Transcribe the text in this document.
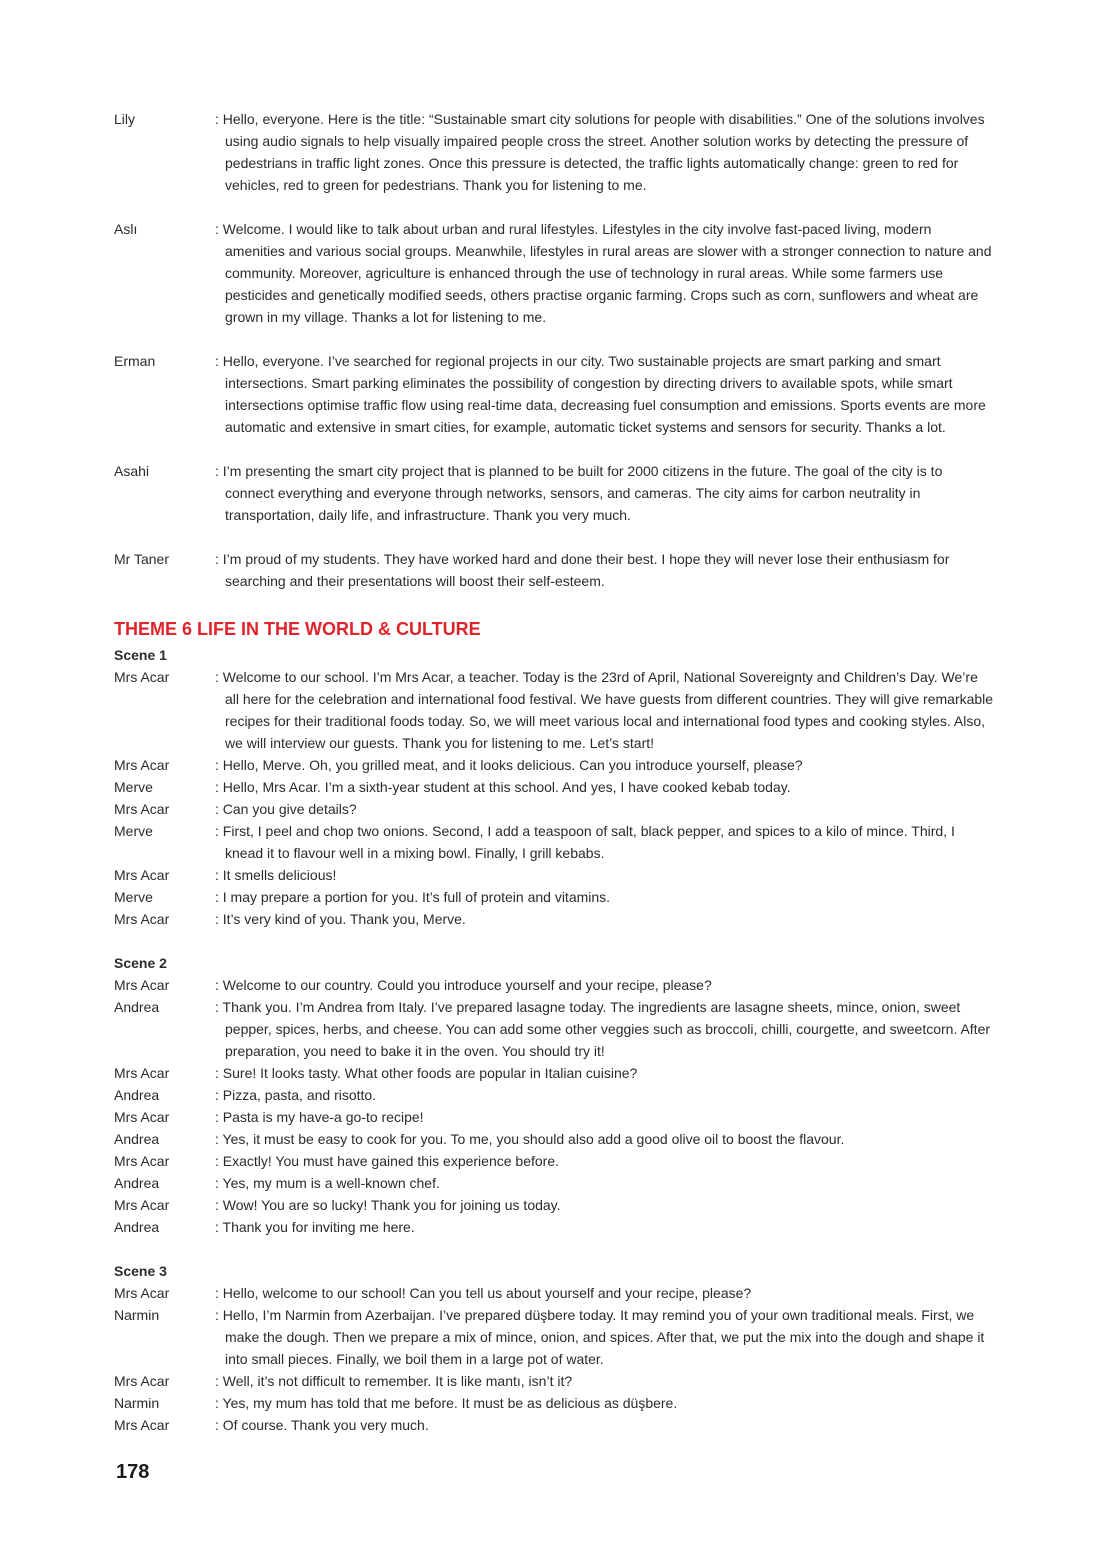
Lily	: Hello, everyone. Here is the title: “Sustainable smart city solutions for people with disabilities.” One of the solutions involves using audio signals to help visually impaired people cross the street. Another solution works by detecting the pressure of pedestrians in traffic light zones. Once this pressure is detected, the traffic lights automatically change: green to red for vehicles, red to green for pedestrians. Thank you for listening to me.
Aslı	: Welcome. I would like to talk about urban and rural lifestyles. Lifestyles in the city involve fast-paced living, modern amenities and various social groups. Meanwhile, lifestyles in rural areas are slower with a stronger connection to nature and community. Moreover, agriculture is enhanced through the use of technology in rural areas. While some farmers use pesticides and genetically modified seeds, others practise organic farming. Crops such as corn, sunflowers and wheat are grown in my village. Thanks a lot for listening to me.
Erman	: Hello, everyone. I’ve searched for regional projects in our city. Two sustainable projects are smart parking and smart intersections. Smart parking eliminates the possibility of congestion by directing drivers to available spots, while smart intersections optimise traffic flow using real-time data, decreasing fuel consumption and emissions. Sports events are more automatic and extensive in smart cities, for example, automatic ticket systems and sensors for security. Thanks a lot.
Asahi	: I’m presenting the smart city project that is planned to be built for 2000 citizens in the future. The goal of the city is to connect everything and everyone through networks, sensors, and cameras. The city aims for carbon neutrality in transportation, daily life, and infrastructure. Thank you very much.
Mr Taner	: I’m proud of my students. They have worked hard and done their best. I hope they will never lose their enthusiasm for searching and their presentations will boost their self-esteem.
THEME 6 LIFE IN THE WORLD & CULTURE
Scene 1
Mrs Acar	: Welcome to our school. I’m Mrs Acar, a teacher. Today is the 23rd of April, National Sovereignty and Children’s Day. We’re all here for the celebration and international food festival. We have guests from different countries. They will give remarkable recipes for their traditional foods today. So, we will meet various local and international food types and cooking styles. Also, we will interview our guests. Thank you for listening to me. Let’s start!
Mrs Acar	: Hello, Merve. Oh, you grilled meat, and it looks delicious. Can you introduce yourself, please?
Merve	: Hello, Mrs Acar. I’m a sixth-year student at this school. And yes, I have cooked kebab today.
Mrs Acar	: Can you give details?
Merve	: First, I peel and chop two onions. Second, I add a teaspoon of salt, black pepper, and spices to a kilo of mince. Third, I knead it to flavour well in a mixing bowl. Finally, I grill kebabs.
Mrs Acar	: It smells delicious!
Merve	: I may prepare a portion for you. It’s full of protein and vitamins.
Mrs Acar	: It’s very kind of you. Thank you, Merve.
Scene 2
Mrs Acar	: Welcome to our country. Could you introduce yourself and your recipe, please?
Andrea	: Thank you. I’m Andrea from Italy. I’ve prepared lasagne today. The ingredients are lasagne sheets, mince, onion, sweet pepper, spices, herbs, and cheese. You can add some other veggies such as broccoli, chilli, courgette, and sweetcorn. After preparation, you need to bake it in the oven. You should try it!
Mrs Acar	: Sure! It looks tasty. What other foods are popular in Italian cuisine?
Andrea	: Pizza, pasta, and risotto.
Mrs Acar	: Pasta is my have-a go-to recipe!
Andrea	: Yes, it must be easy to cook for you. To me, you should also add a good olive oil to boost the flavour.
Mrs Acar	: Exactly! You must have gained this experience before.
Andrea	: Yes, my mum is a well-known chef.
Mrs Acar	: Wow! You are so lucky! Thank you for joining us today.
Andrea	: Thank you for inviting me here.
Scene 3
Mrs Acar	: Hello, welcome to our school! Can you tell us about yourself and your recipe, please?
Narmin	: Hello, I’m Narmin from Azerbaijan. I’ve prepared düşbere today. It may remind you of your own traditional meals. First, we make the dough. Then we prepare a mix of mince, onion, and spices. After that, we put the mix into the dough and shape it into small pieces. Finally, we boil them in a large pot of water.
Mrs Acar	: Well, it’s not difficult to remember. It is like mantı, isn’t it?
Narmin	: Yes, my mum has told that me before. It must be as delicious as düşbere.
Mrs Acar	: Of course. Thank you very much.
178
